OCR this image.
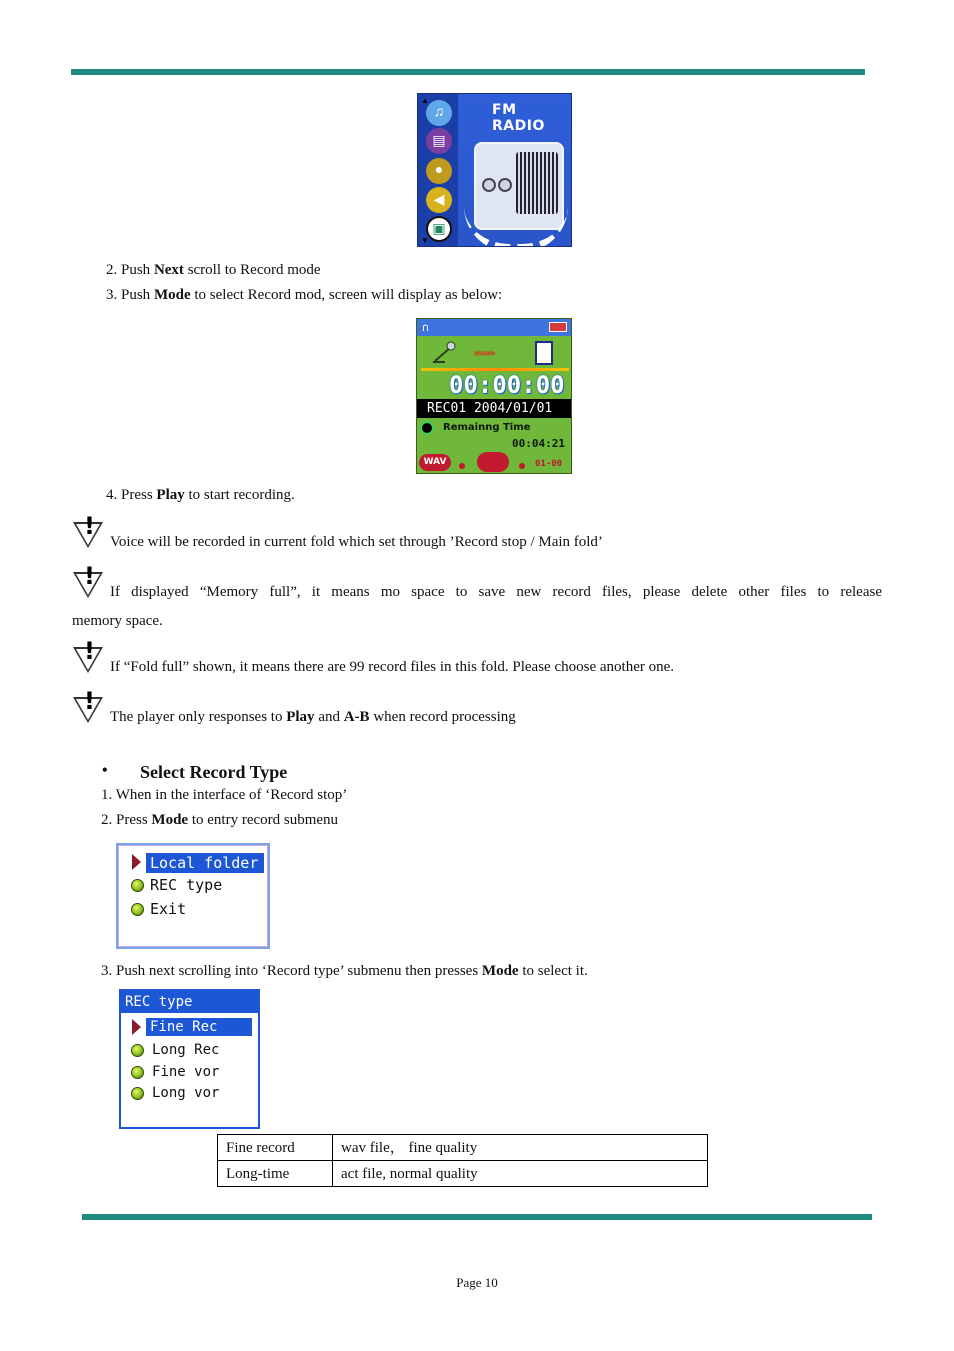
▲
♫
▤
●
◀
▣
▼
FM RADIO
2. Push Next scroll to Record mode
3. Push Mode to select Record mod, screen will display as below:
∩
»»»»
00:00:00
REC01 2004/01/01
Remainng Time
00:04:21
WAV	01-00
4. Press Play to start recording.
!
Voice will be recorded in current fold which set through ’Record stop / Main fold’
!
If displayed “Memory full”, it means mo space to save new record files, please delete other files to release
memory space.
!
If “Fold full” shown, it means there are 99 record files in this fold. Please choose another one.
!
The player only responses to Play and A-B when record processing
• Select Record Type
1. When in the interface of ‘Record stop’
2. Press Mode to entry record submenu
Local folder
REC type
Exit
3. Push next scrolling into ‘Record type’ submenu then presses Mode to select it.
REC type
Fine Rec
Long Rec
Fine vor
Long vor
Fine record	wav file， fine quality
Long-time	act file, normal quality
Page 10
